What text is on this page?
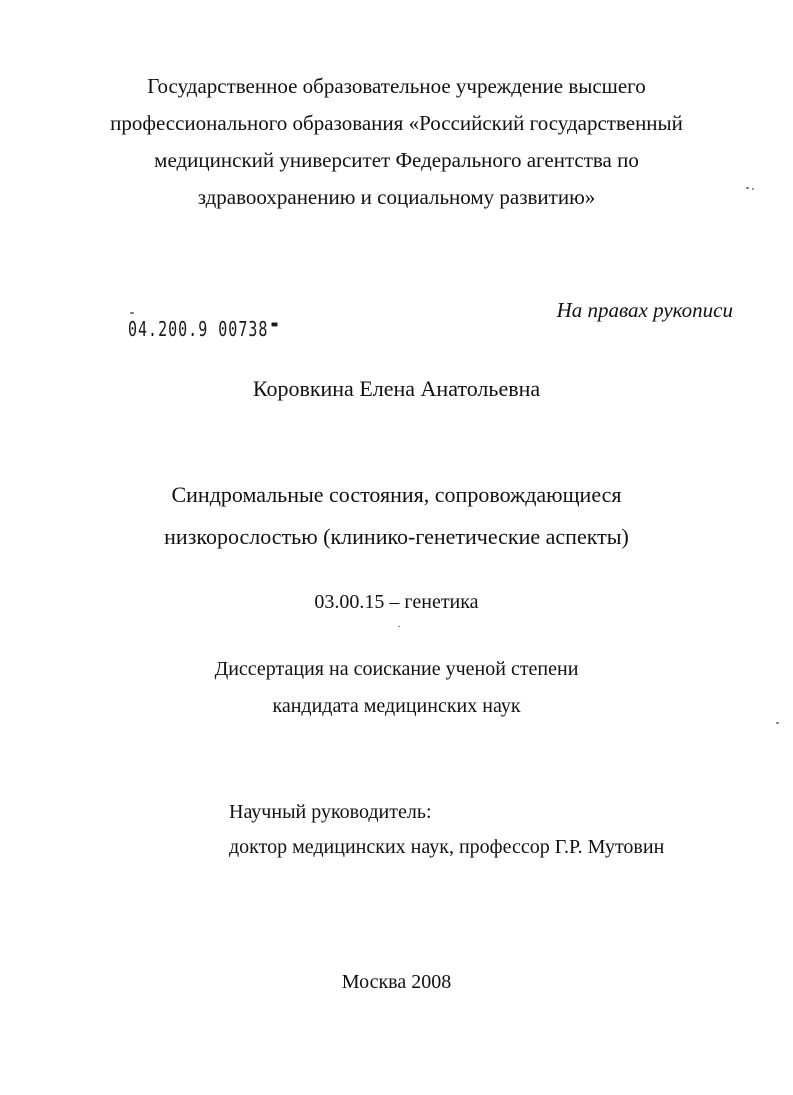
Государственное образовательное учреждение высшего
профессионального образования «Российский государственный
медицинский университет Федерального агентства по
здравоохранению и социальному развитию»
На правах рукописи
04.200.9 00738 ▬
Коровкина Елена Анатольевна
Синдромальные состояния, сопровождающиеся
низкорослостью (клинико-генетические аспекты)
03.00.15 – генетика
Диссертация на соискание ученой степени
кандидата медицинских наук
Научный руководитель:
доктор медицинских наук, профессор Г.Р. Мутовин
Москва 2008
